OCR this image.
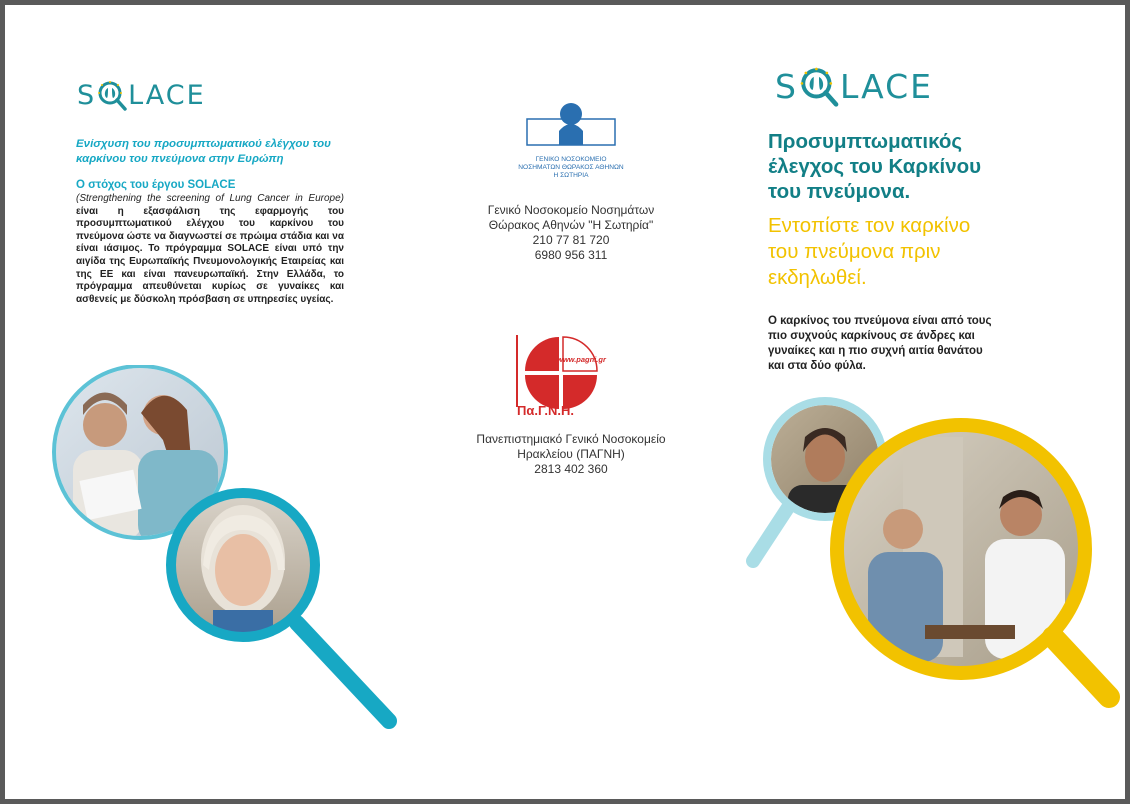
S LACE
Ενίσχυση του προσυμπτωματικού ελέγχου του καρκίνου του πνεύμονα στην Ευρώπη
Ο στόχος του έργου SOLACE
(Strengthening the screening of Lung Cancer in Europe) είναι η εξασφάλιση της εφαρμογής του προσυμπτωματικού ελέγχου του καρκίνου του πνεύμονα ώστε να διαγνωστεί σε πρώιμα στάδια και να είναι ιάσιμος. Το πρόγραμμα SOLACE είναι υπό την αιγίδα της Ευρωπαϊκής Πνευμονολογικής Εταιρείας και της ΕΕ και είναι πανευρωπαϊκή. Στην Ελλάδα, το πρόγραμμα απευθύνεται κυρίως σε γυναίκες και ασθενείς με δύσκολη πρόσβαση σε υπηρεσίες υγείας.
ΓΕΝΙΚΟ ΝΟΣΟΚΟΜΕΙΟ
ΝΟΣΗΜΑΤΩΝ ΘΩΡΑΚΟΣ ΑΘΗΝΩΝ
Η ΣΩΤΗΡΙΑ
Γενικό Νοσοκομείο Νοσημάτων
Θώρακος Αθηνών "Η Σωτηρία"
210 77 81 720
6980 956 311
www.pagni.gr
Πα.Γ.Ν.Η.
Πανεπιστημιακό Γενικό Νοσοκομείο
Ηρακλείου (ΠΑΓΝΗ)
2813 402 360
S LACE
Προσυμπτωματικός
έλεγχος του Καρκίνου
του πνεύμονα.
Εντοπίστε τον καρκίνο
του πνεύμονα πριν
εκδηλωθεί.
Ο καρκίνος του πνεύμονα είναι από τους
πιο συχνούς καρκίνους σε άνδρες και
γυναίκες και η πιο συχνή αιτία θανάτου
και στα δύο φύλα.
